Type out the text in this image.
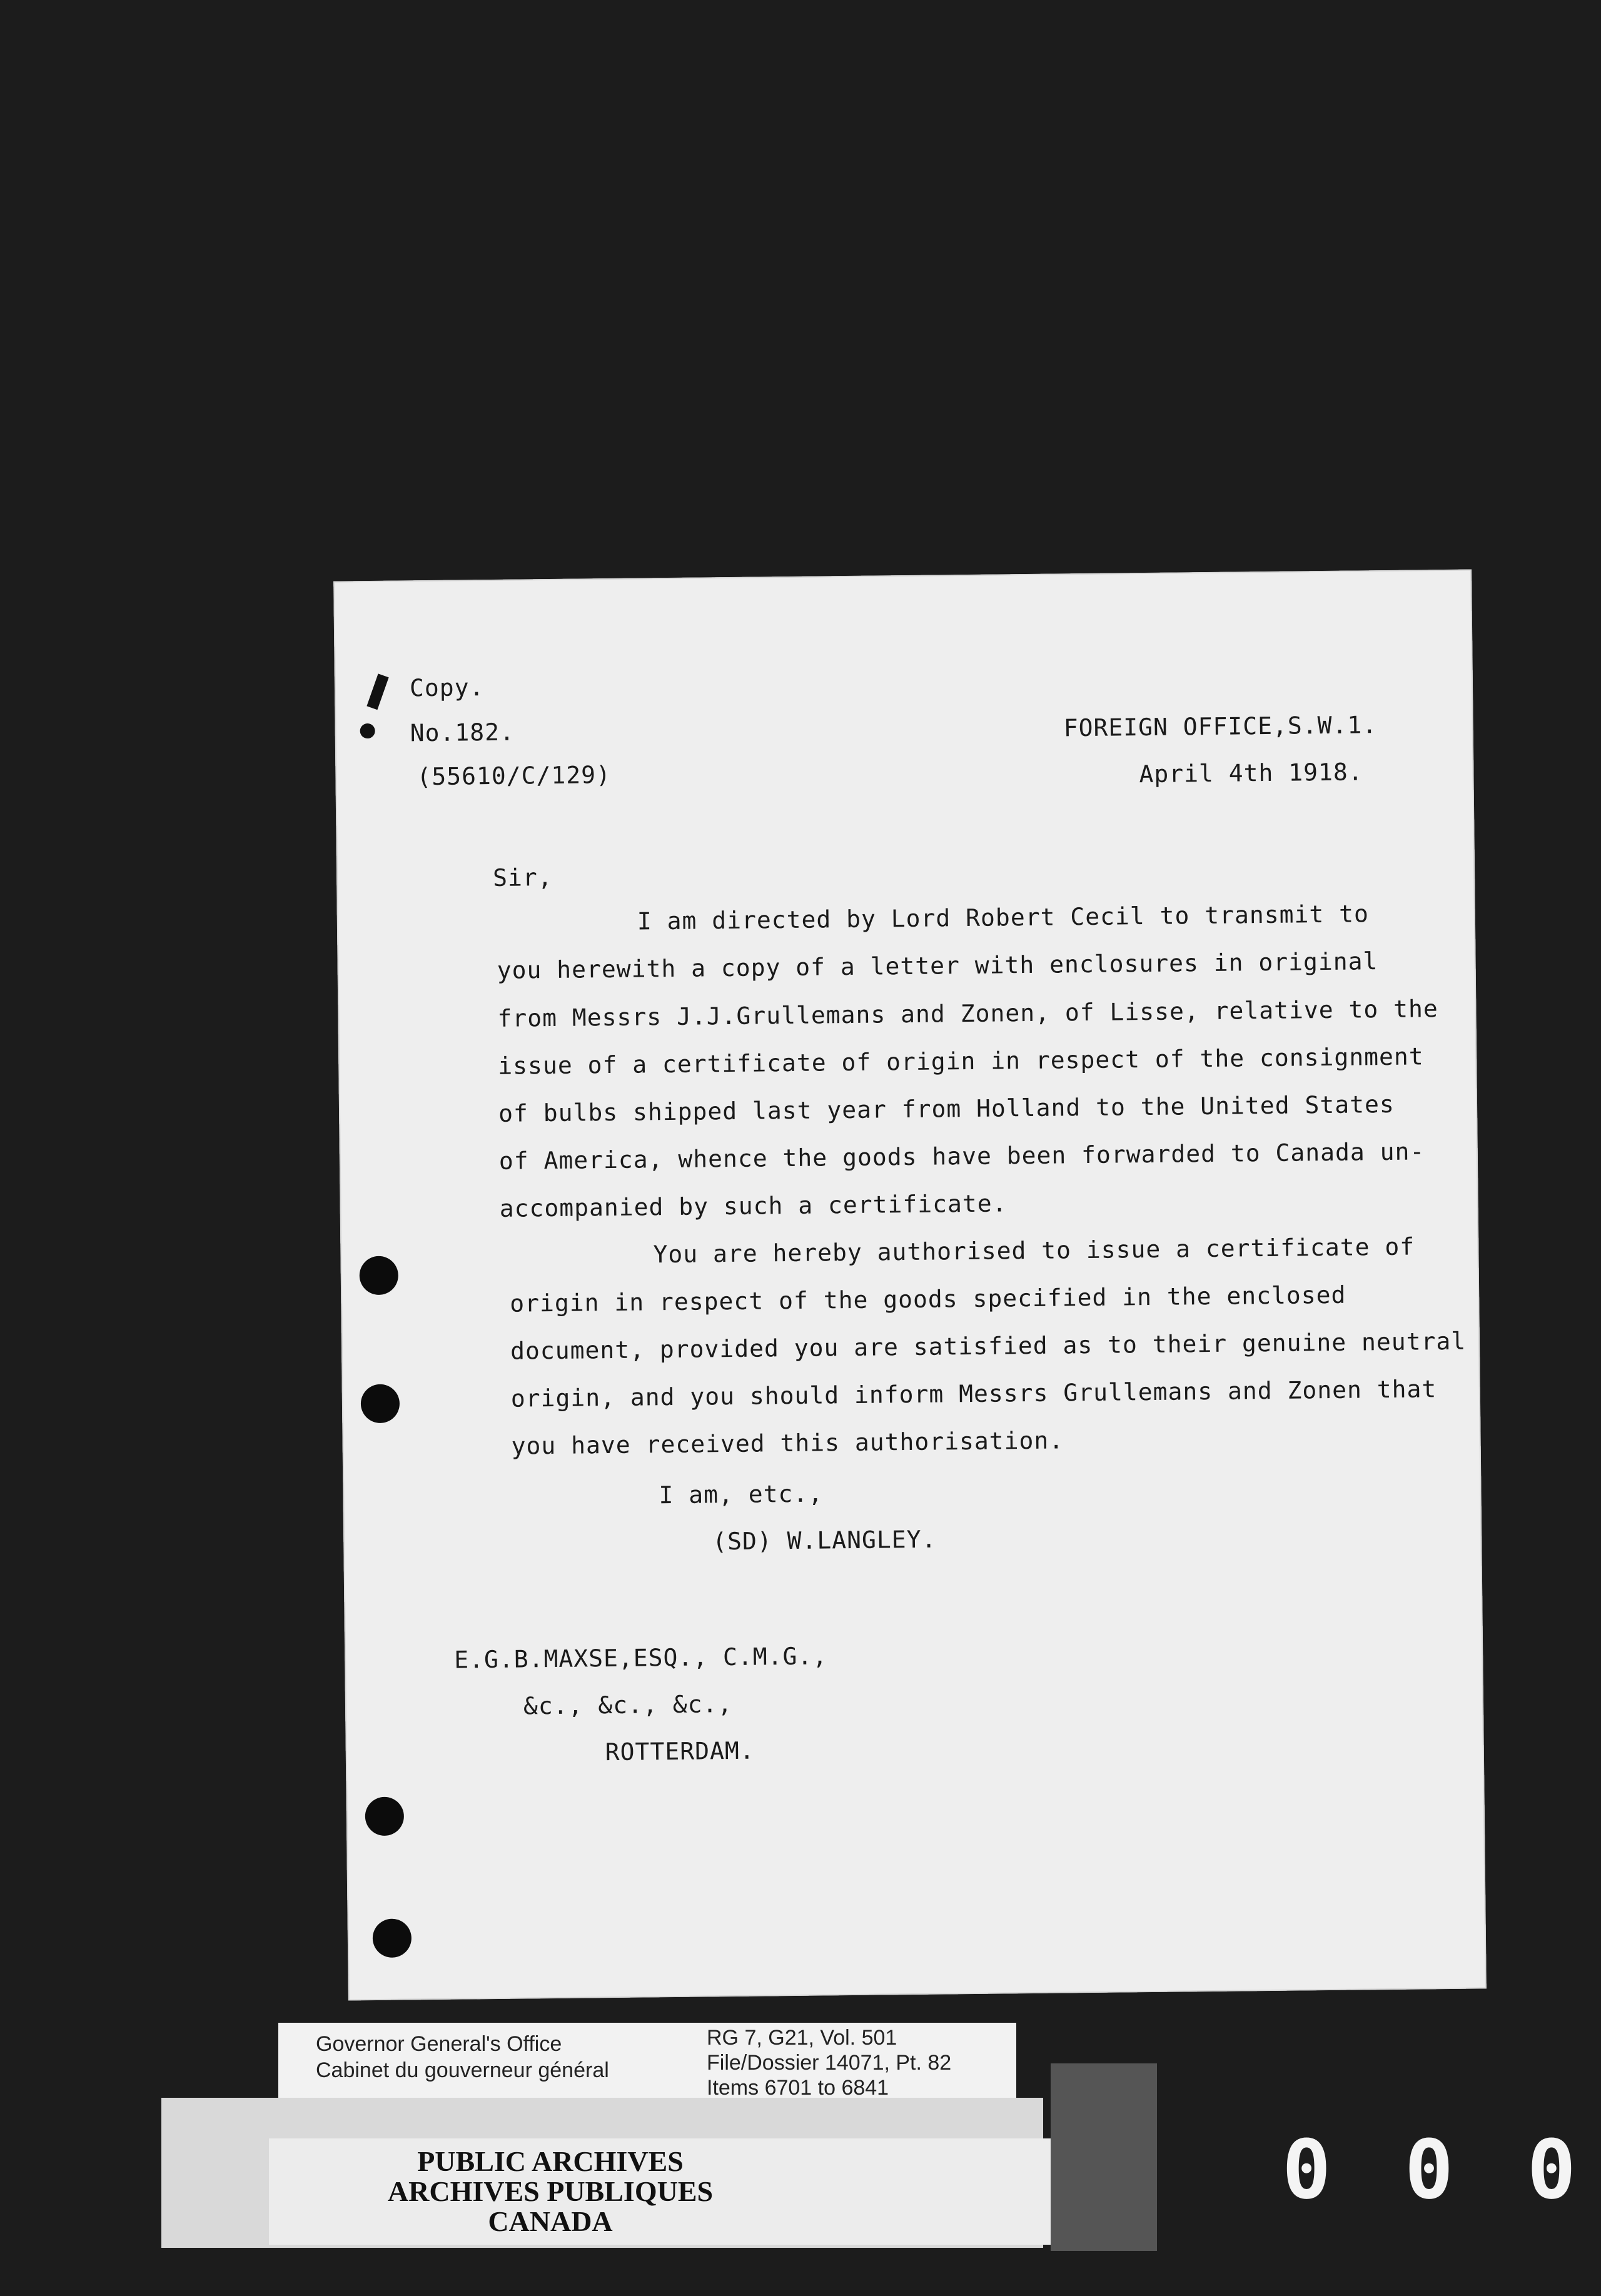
Copy.
No.182.
(55610/C/129)
FOREIGN OFFICE,S.W.1.
April 4th 1918.
Sir,
I am directed by Lord Robert Cecil to transmit to
you herewith a copy of a letter with enclosures in original
from Messrs J.J.Grullemans and Zonen, of Lisse, relative to the
issue of a certificate of origin in respect of the consignment
of bulbs shipped last year from Holland to the United States
of America, whence the goods have been forwarded to Canada un-
accompanied by such a certificate.
You are hereby authorised to issue a certificate of
origin in respect of the goods specified in the enclosed
document, provided you are satisfied as to their genuine neutral
origin, and you should inform Messrs Grullemans and Zonen that
you have received this authorisation.
I am, etc.,
(SD) W.LANGLEY.
E.G.B.MAXSE,ESQ., C.M.G.,
&c., &c., &c.,
ROTTERDAM.
Governor General's Office
Cabinet du gouverneur général
RG 7, G21, Vol. 501
File/Dossier 14071, Pt. 82
Items 6701 to 6841
PUBLIC ARCHIVES
ARCHIVES PUBLIQUES
CANADA
0 0 0
